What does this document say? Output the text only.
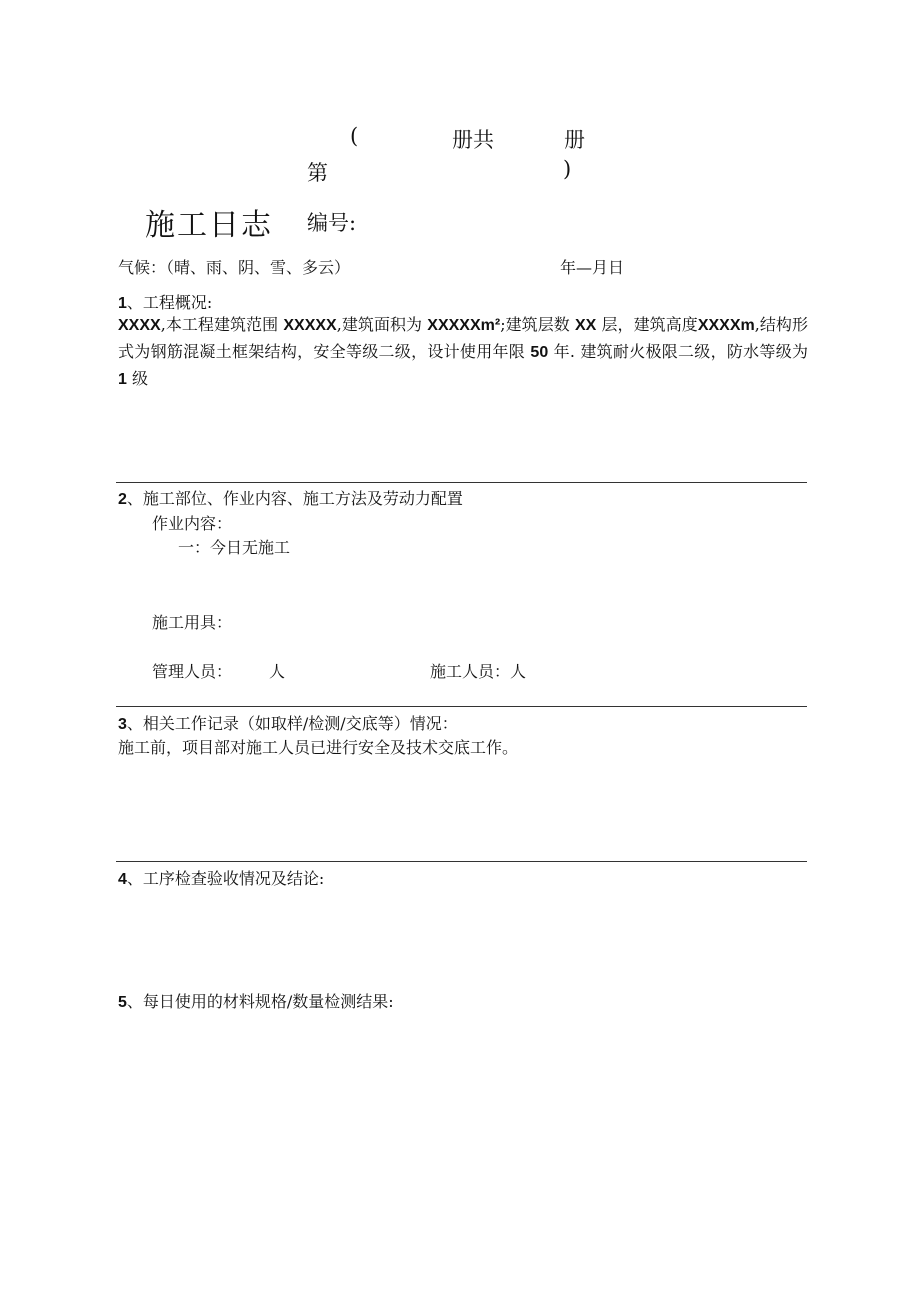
(	册共	册
第	)
施工日志 编号:
气候：（晴、雨、阴、雪、多云）	年—月日
1、工程概况:
XXXX,本工程建筑范围 XXXXX,建筑面积为 XXXXXm²;建筑层数 XX 层，建筑高度XXXXm,结构形式为钢筋混凝土框架结构，安全等级二级，设计使用年限 50 年. 建筑耐火极限二级，防水等级为 1 级
2、施工部位、作业内容、施工方法及劳动力配置
作业内容：
一：今日无施工
施工用具：
管理人员： 人	施工人员：人
3、相关工作记录（如取样/检测/交底等）情况：
施工前，项目部对施工人员已进行安全及技术交底工作。
4、工序检查验收情况及结论:
5、每日使用的材料规格/数量检测结果:
